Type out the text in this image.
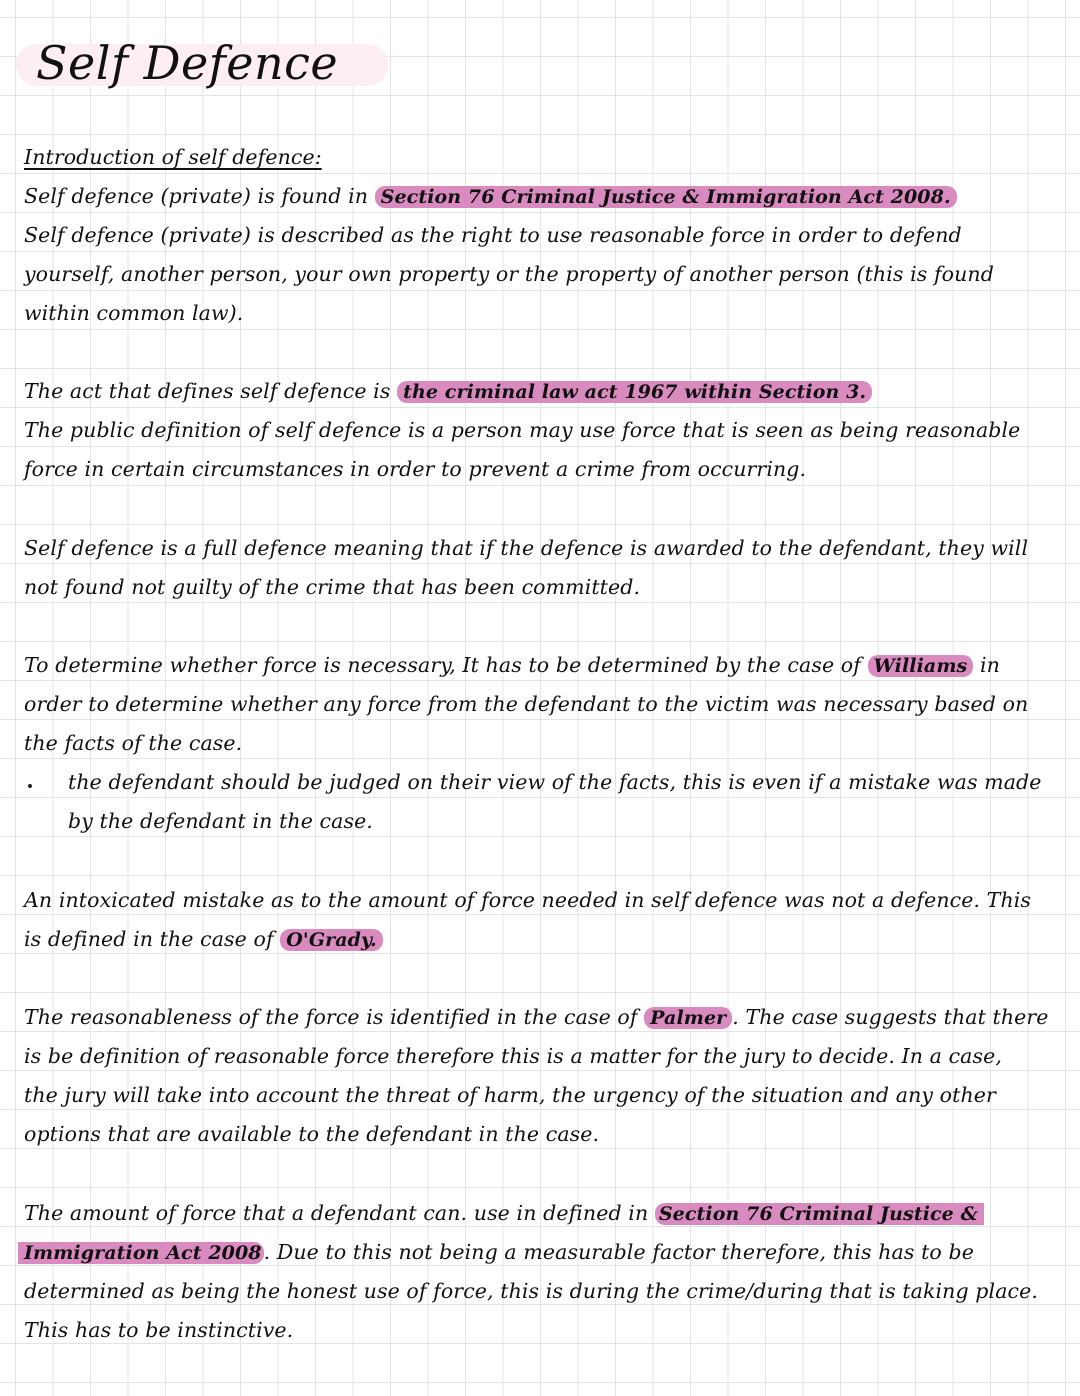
Self Defence
Introduction of self defence:
Self defence (private) is found in Section 76 Criminal Justice & Immigration Act 2008.
Self defence (private) is described as the right to use reasonable force in order to defend
yourself, another person, your own property or the property of another person (this is found
within common law).
The act that defines self defence is the criminal law act 1967 within Section 3.
The public definition of self defence is a person may use force that is seen as being reasonable
force in certain circumstances in order to prevent a crime from occurring.
Self defence is a full defence meaning that if the defence is awarded to the defendant, they will
not found not guilty of the crime that has been committed.
To determine whether force is necessary, It has to be determined by the case of Williams in
order to determine whether any force from the defendant to the victim was necessary based on
the facts of the case.
the defendant should be judged on their view of the facts, this is even if a mistake was made
by the defendant in the case.
An intoxicated mistake as to the amount of force needed in self defence was not a defence. This
is defined in the case of O'Grady.
The reasonableness of the force is identified in the case of Palmer . The case suggests that there
is be definition of reasonable force therefore this is a matter for the jury to decide. In a case,
the jury will take into account the threat of harm, the urgency of the situation and any other
options that are available to the defendant in the case.
The amount of force that a defendant can. use in defined in Section 76 Criminal Justice &
Immigration Act 2008. Due to this not being a measurable factor therefore, this has to be
determined as being the honest use of force, this is during the crime/during that is taking place.
This has to be instinctive.
